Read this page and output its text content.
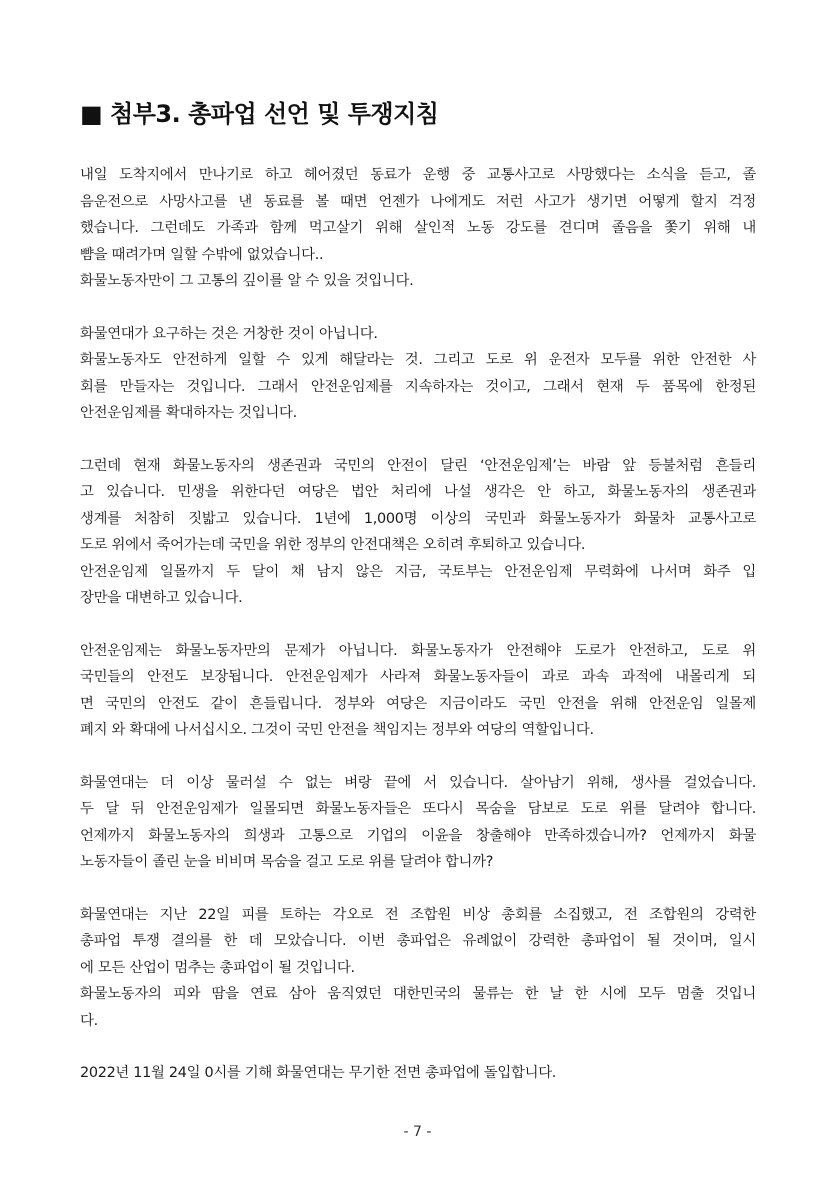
■ 첨부3. 총파업 선언 및 투쟁지침
내일 도착지에서 만나기로 하고 헤어졌던 동료가 운행 중 교통사고로 사망했다는 소식을 듣고, 졸
음운전으로 사망사고를 낸 동료를 볼 때면 언젠가 나에게도 저런 사고가 생기면 어떻게 할지 걱정
했습니다. 그런데도 가족과 함께 먹고살기 위해 살인적 노동 강도를 견디며 졸음을 쫓기 위해 내
뺨을 때려가며 일할 수밖에 없었습니다..
화물노동자만이 그 고통의 깊이를 알 수 있을 것입니다.
화물연대가 요구하는 것은 거창한 것이 아닙니다.
화물노동자도 안전하게 일할 수 있게 해달라는 것. 그리고 도로 위 운전자 모두를 위한 안전한 사
회를 만들자는 것입니다. 그래서 안전운임제를 지속하자는 것이고, 그래서 현재 두 품목에 한정된
안전운임제를 확대하자는 것입니다.
그런데 현재 화물노동자의 생존권과 국민의 안전이 달린 ‘안전운임제’는 바람 앞 등불처럼 흔들리
고 있습니다. 민생을 위한다던 여당은 법안 처리에 나설 생각은 안 하고, 화물노동자의 생존권과
생계를 처참히 짓밟고 있습니다. 1년에 1,000명 이상의 국민과 화물노동자가 화물차 교통사고로
도로 위에서 죽어가는데 국민을 위한 정부의 안전대책은 오히려 후퇴하고 있습니다.
안전운임제 일몰까지 두 달이 채 남지 않은 지금, 국토부는 안전운임제 무력화에 나서며 화주 입
장만을 대변하고 있습니다.
안전운임제는 화물노동자만의 문제가 아닙니다. 화물노동자가 안전해야 도로가 안전하고, 도로 위
국민들의 안전도 보장됩니다. 안전운임제가 사라져 화물노동자들이 과로 과속 과적에 내몰리게 되
면 국민의 안전도 같이 흔들립니다. 정부와 여당은 지금이라도 국민 안전을 위해 안전운임 일몰제
폐지 와 확대에 나서십시오. 그것이 국민 안전을 책임지는 정부와 여당의 역할입니다.
화물연대는 더 이상 물러설 수 없는 벼랑 끝에 서 있습니다. 살아남기 위해, 생사를 걸었습니다.
두 달 뒤 안전운임제가 일몰되면 화물노동자들은 또다시 목숨을 담보로 도로 위를 달려야 합니다.
언제까지 화물노동자의 희생과 고통으로 기업의 이윤을 창출해야 만족하겠습니까? 언제까지 화물
노동자들이 졸린 눈을 비비며 목숨을 걸고 도로 위를 달려야 합니까?
화물연대는 지난 22일 피를 토하는 각오로 전 조합원 비상 총회를 소집했고, 전 조합원의 강력한
총파업 투쟁 결의를 한 데 모았습니다. 이번 총파업은 유례없이 강력한 총파업이 될 것이며, 일시
에 모든 산업이 멈추는 총파업이 될 것입니다.
화물노동자의 피와 땀을 연료 삼아 움직였던 대한민국의 물류는 한 날 한 시에 모두 멈출 것입니
다.
2022년 11월 24일 0시를 기해 화물연대는 무기한 전면 총파업에 돌입합니다.
- 7 -
